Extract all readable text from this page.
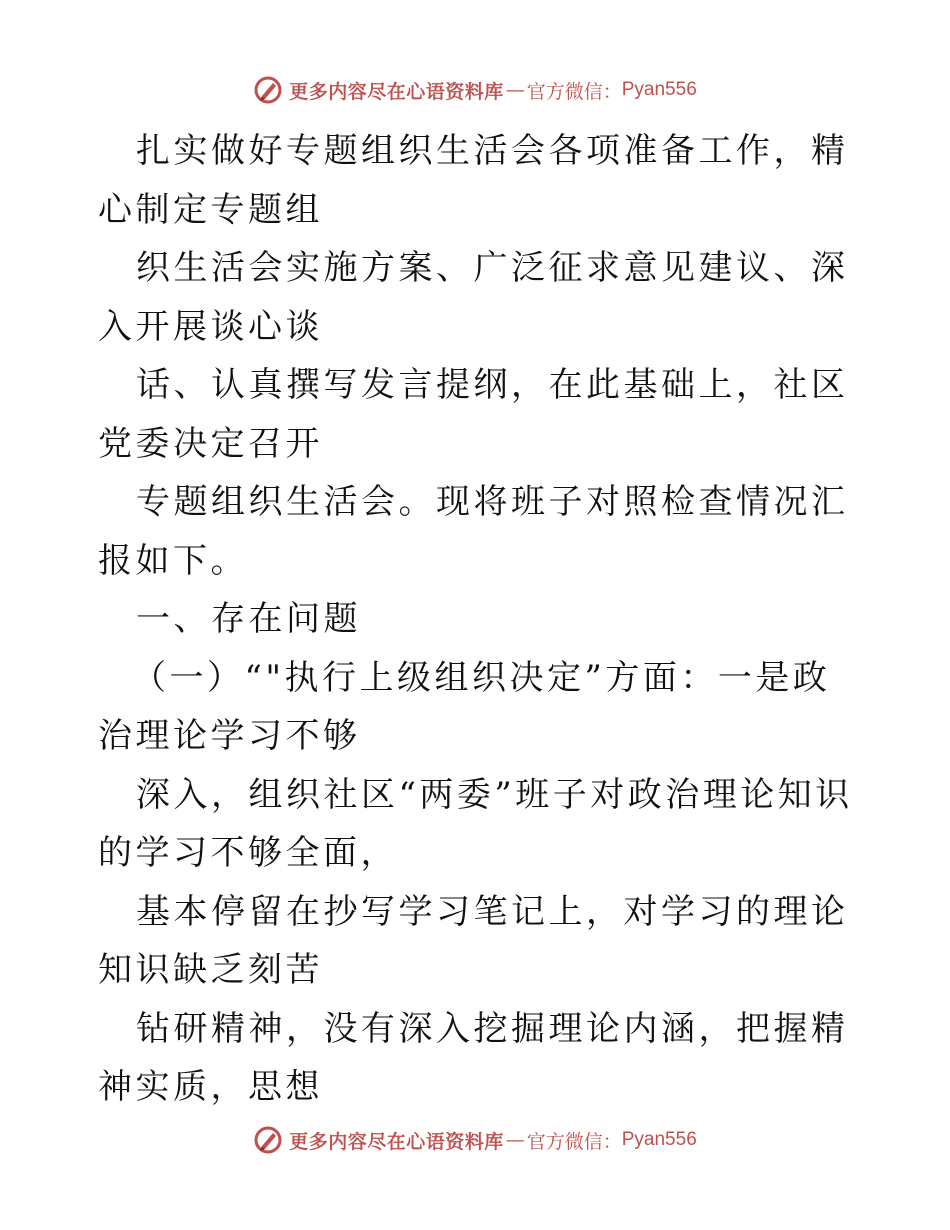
更多内容尽在心语资料库 — 官方微信： Pyan556

扎实做好专题组织生活会各项准备工作，精心制定专题组

织生活会实施方案、广泛征求意见建议、深入开展谈心谈

话、认真撰写发言提纲，在此基础上，社区党委决定召开

专题组织生活会。现将班子对照检查情况汇报如下。

一、存在问题

（一）“"执行上级组织决定”方面：一是政治理论学习不够

深入，组织社区“两委”班子对政治理论知识的学习不够全面，

基本停留在抄写学习笔记上，对学习的理论知识缺乏刻苦

钻研精神，没有深入挖掘理论内涵，把握精神实质，思想

更多内容尽在心语资料库 — 官方微信： Pyan556
